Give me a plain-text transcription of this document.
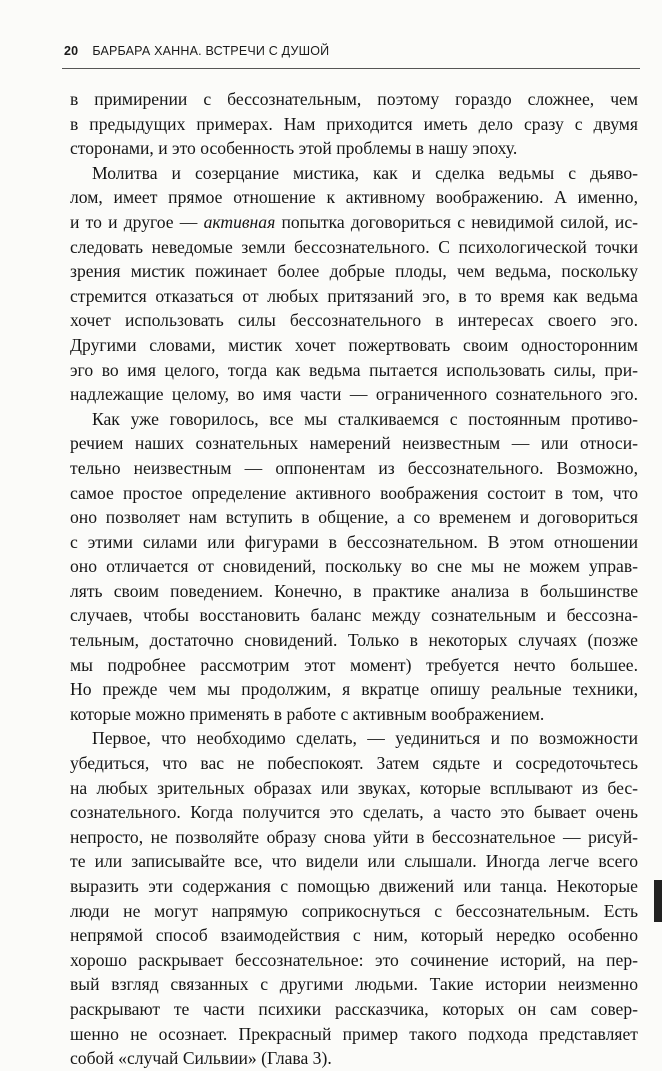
20 БАРБАРА ХАННА. ВСТРЕЧИ С ДУШОЙ
в примирении с бессознательным, поэтому гораздо сложнее, чем
в предыдущих примерах. Нам приходится иметь дело сразу с двумя
сторонами, и это особенность этой проблемы в нашу эпоху.
Молитва и созерцание мистика, как и сделка ведьмы с дьяво-
лом, имеет прямое отношение к активному воображению. А именно,
и то и другое — активная попытка договориться с невидимой силой, ис-
следовать неведомые земли бессознательного. С психологической точки
зрения мистик пожинает более добрые плоды, чем ведьма, поскольку
стремится отказаться от любых притязаний эго, в то время как ведьма
хочет использовать силы бессознательного в интересах своего эго.
Другими словами, мистик хочет пожертвовать своим односторонним
эго во имя целого, тогда как ведьма пытается использовать силы, при-
надлежащие целому, во имя части — ограниченного сознательного эго.
Как уже говорилось, все мы сталкиваемся с постоянным противо-
речием наших сознательных намерений неизвестным — или относи-
тельно неизвестным — оппонентам из бессознательного. Возможно,
самое простое определение активного воображения состоит в том, что
оно позволяет нам вступить в общение, а со временем и договориться
с этими силами или фигурами в бессознательном. В этом отношении
оно отличается от сновидений, поскольку во сне мы не можем управ-
лять своим поведением. Конечно, в практике анализа в большинстве
случаев, чтобы восстановить баланс между сознательным и бессозна-
тельным, достаточно сновидений. Только в некоторых случаях (позже
мы подробнее рассмотрим этот момент) требуется нечто большее.
Но прежде чем мы продолжим, я вкратце опишу реальные техники,
которые можно применять в работе с активным воображением.
Первое, что необходимо сделать, — уединиться и по возможности
убедиться, что вас не побеспокоят. Затем сядьте и сосредоточьтесь
на любых зрительных образах или звуках, которые всплывают из бес-
сознательного. Когда получится это сделать, а часто это бывает очень
непросто, не позволяйте образу снова уйти в бессознательное — рисуй-
те или записывайте все, что видели или слышали. Иногда легче всего
выразить эти содержания с помощью движений или танца. Некоторые
люди не могут напрямую соприкоснуться с бессознательным. Есть
непрямой способ взаимодействия с ним, который нередко особенно
хорошо раскрывает бессознательное: это сочинение историй, на пер-
вый взгляд связанных с другими людьми. Такие истории неизменно
раскрывают те части психики рассказчика, которых он сам совер-
шенно не осознает. Прекрасный пример такого подхода представляет
собой «случай Сильвии» (Глава 3).
